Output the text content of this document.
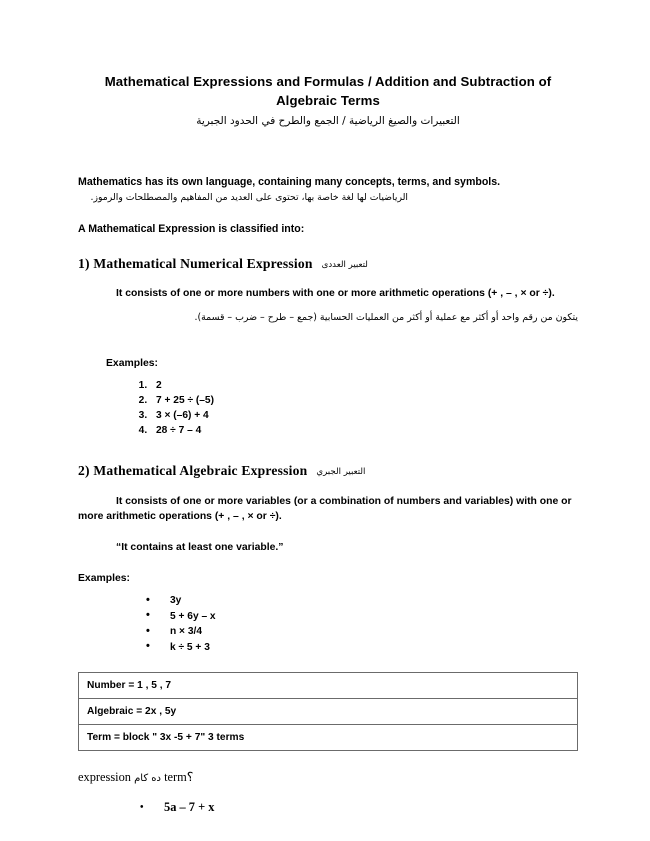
Mathematical Expressions and Formulas / Addition and Subtraction of Algebraic Terms
التعبيرات والصيغ الرياضية / الجمع والطرح في الحدود الجبرية
Mathematics has its own language, containing many concepts, terms, and symbols.
الرياضيات لها لغة خاصة بها، تحتوى على العديد من المفاهيم والمصطلحات والرموز.
A Mathematical Expression is classified into:
1) Mathematical Numerical Expression لتعبير العددى
It consists of one or more numbers with one or more arithmetic operations (+ , – , × or ÷).
يتكون من رقم واحد أو أكثر مع عملية أو أكثر من العمليات الحسابية (جمع – طرح – ضرب – قسمة).
Examples:
1. 2
2. 7 + 25 ÷ (–5)
3. 3 × (–6) + 4
4. 28 ÷ 7 – 4
2) Mathematical Algebraic Expression التعبير الجبري
It consists of one or more variables (or a combination of numbers and variables) with one or more arithmetic operations (+ , – , × or ÷).
“It contains at least one variable.”
Examples:
• 3y
• 5 + 6y – x
• n × 3/4
• k ÷ 5 + 3
Number = 1 , 5 , 7
Algebraic = 2x , 5y
Term = block " 3x -5 + 7" 3 terms
expression ده كام term؟
• 5a – 7 + x
